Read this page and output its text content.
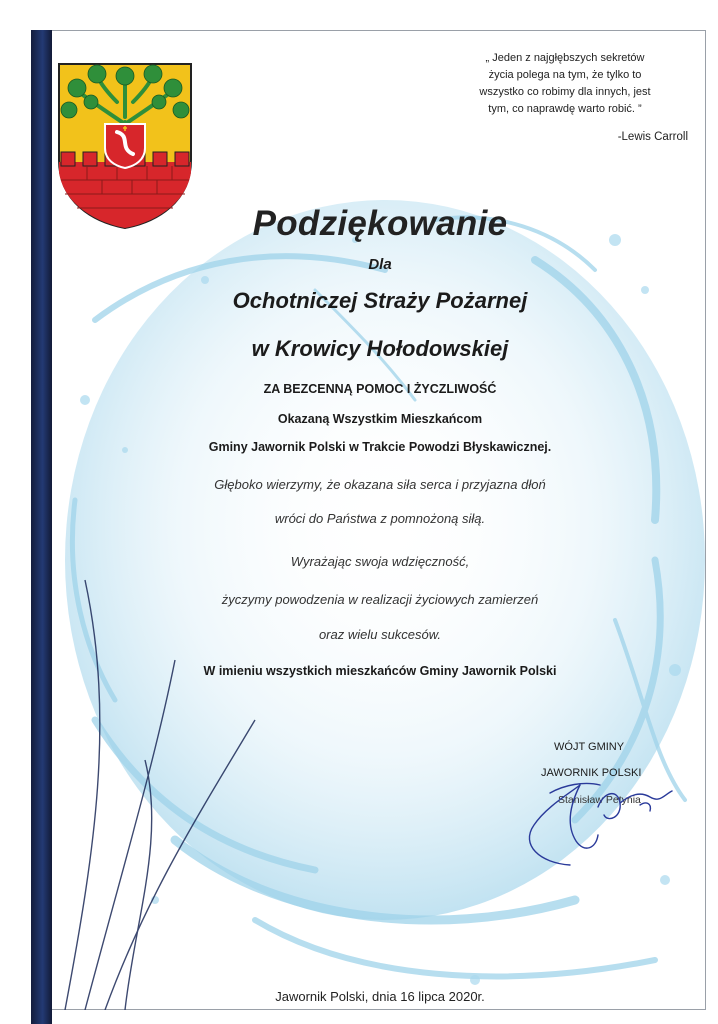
„ Jeden z najgłębszych sekretów
życia polega na tym, że tylko to
wszystko co robimy dla innych, jest
tym, co naprawdę warto robić. ”
-Lewis Carroll
Podziękowanie
Dla
Ochotniczej Straży Pożarnej
w Krowicy Hołodowskiej
ZA BEZCENNĄ POMOC I ŻYCZLIWOŚĆ
Okazaną Wszystkim Mieszkańcom
Gminy Jawornik Polski w Trakcie Powodzi Błyskawicznej.
Głęboko wierzymy, że okazana siła serca i przyjazna dłoń
wróci do Państwa z pomnożoną siłą.
Wyrażając swoja wdzięczność,
życzymy powodzenia w realizacji życiowych zamierzeń
oraz wielu sukcesów.
W imieniu wszystkich mieszkańców Gminy Jawornik Polski
WÓJT GMINY
JAWORNIK POLSKI
Stanisław Petynia
Jawornik Polski, dnia 16 lipca 2020r.
